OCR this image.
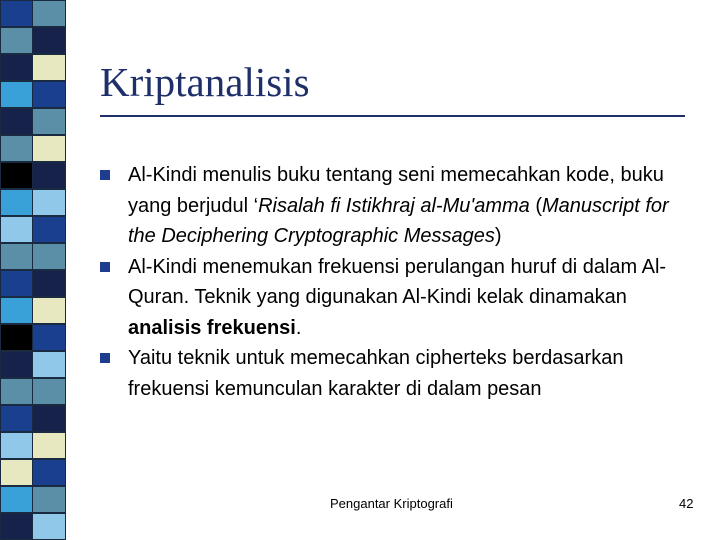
Kriptanalisis

Al-Kindi menulis buku tentang seni memecahkan kode, buku yang berjudul ‘Risalah fi Istikhraj al-Mu'amma (Manuscript for the Deciphering Cryptographic Messages)

Al-Kindi menemukan frekuensi perulangan huruf di dalam Al-Quran. Teknik yang digunakan Al-Kindi kelak dinamakan analisis frekuensi.

Yaitu teknik untuk memecahkan cipherteks berdasarkan frekuensi kemunculan karakter di dalam pesan

Pengantar Kriptografi	42
